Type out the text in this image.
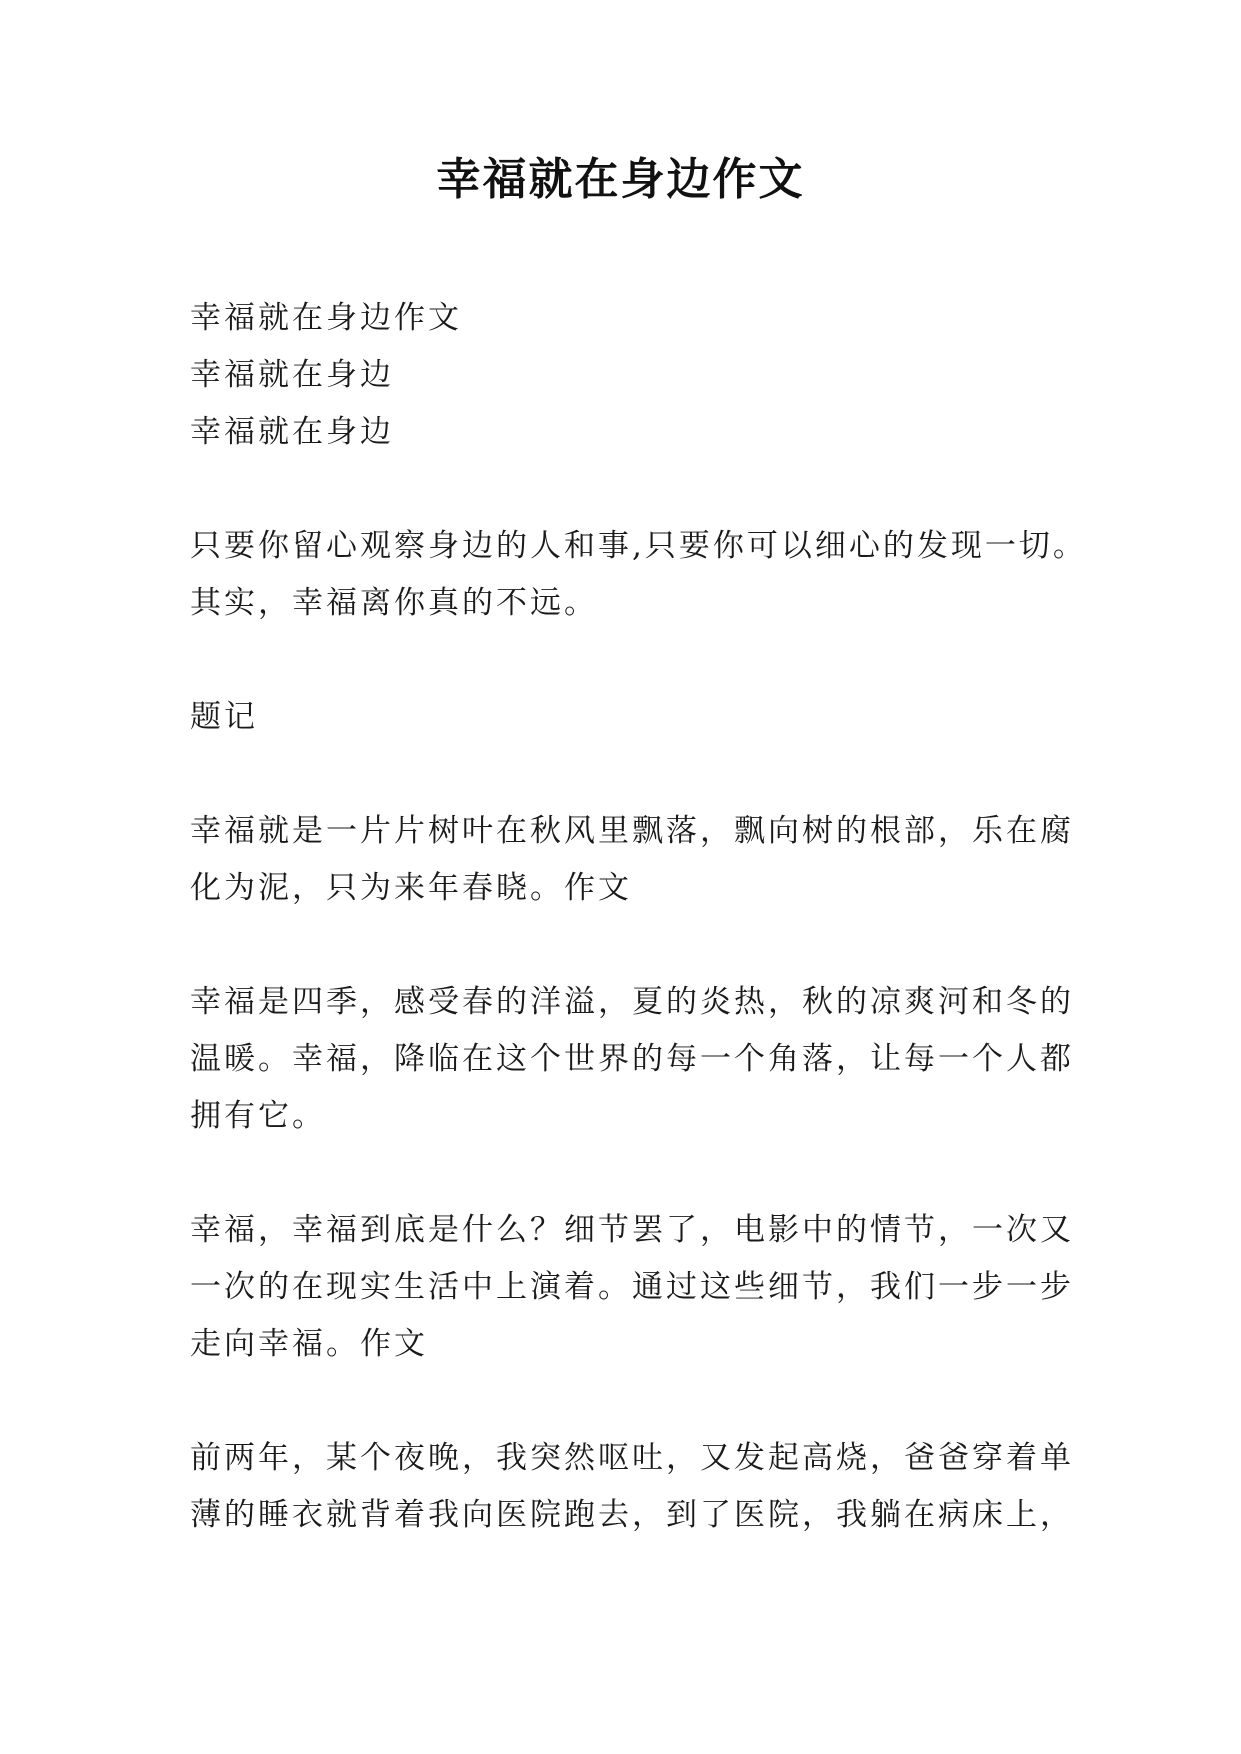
幸福就在身边作文
幸福就在身边作文
幸福就在身边
幸福就在身边
只要你留心观察身边的人和事,只要你可以细心的发现一切。
其实，幸福离你真的不远。
题记
幸福就是一片片树叶在秋风里飘落，飘向树的根部，乐在腐
化为泥，只为来年春晓。作文
幸福是四季，感受春的洋溢，夏的炎热，秋的凉爽河和冬的
温暖。幸福，降临在这个世界的每一个角落，让每一个人都
拥有它。
幸福，幸福到底是什么？细节罢了，电影中的情节，一次又
一次的在现实生活中上演着。通过这些细节，我们一步一步
走向幸福。作文
前两年，某个夜晚，我突然呕吐，又发起高烧，爸爸穿着单
薄的睡衣就背着我向医院跑去，到了医院，我躺在病床上，
